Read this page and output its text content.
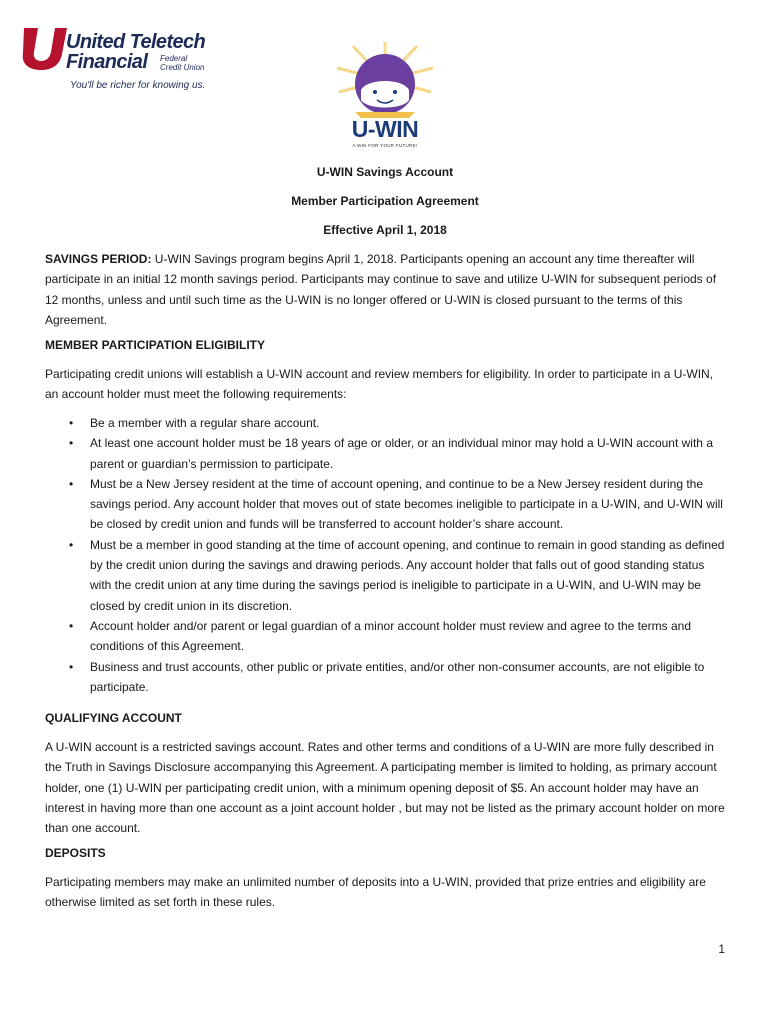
United Teletech
Financial Federal Credit Union
You'll be richer for knowing us.
U-WIN
A WIN FOR YOUR FUTURE!
U-WIN Savings Account
Member Participation Agreement
Effective April 1, 2018

SAVINGS PERIOD: U-WIN Savings program begins April 1, 2018. Participants opening an account any time thereafter will participate in an initial 12 month savings period. Participants may continue to save and utilize U-WIN for subsequent periods of 12 months, unless and until such time as the U-WIN is no longer offered or U-WIN is closed pursuant to the terms of this Agreement.

MEMBER PARTICIPATION ELIGIBILITY

Participating credit unions will establish a U-WIN account and review members for eligibility. In order to participate in a U-WIN, an account holder must meet the following requirements:

• Be a member with a regular share account.
• At least one account holder must be 18 years of age or older, or an individual minor may hold a U-WIN account with a parent or guardian’s permission to participate.
• Must be a New Jersey resident at the time of account opening, and continue to be a New Jersey resident during the savings period. Any account holder that moves out of state becomes ineligible to participate in a U-WIN, and U-WIN will be closed by credit union and funds will be transferred to account holder’s share account.
• Must be a member in good standing at the time of account opening, and continue to remain in good standing as defined by the credit union during the savings and drawing periods. Any account holder that falls out of good standing status with the credit union at any time during the savings period is ineligible to participate in a U-WIN, and U-WIN may be closed by credit union in its discretion.
• Account holder and/or parent or legal guardian of a minor account holder must review and agree to the terms and conditions of this Agreement.
• Business and trust accounts, other public or private entities, and/or other non-consumer accounts, are not eligible to participate.
QUALIFYING ACCOUNT

A U-WIN account is a restricted savings account. Rates and other terms and conditions of a U-WIN are more fully described in the Truth in Savings Disclosure accompanying this Agreement. A participating member is limited to holding, as primary account holder, one (1) U-WIN per participating credit union, with a minimum opening deposit of $5. An account holder may have an interest in having more than one account as a joint account holder , but may not be listed as the primary account holder on more than one account.

DEPOSITS

Participating members may make an unlimited number of deposits into a U-WIN, provided that prize entries and eligibility are otherwise limited as set forth in these rules.

1
